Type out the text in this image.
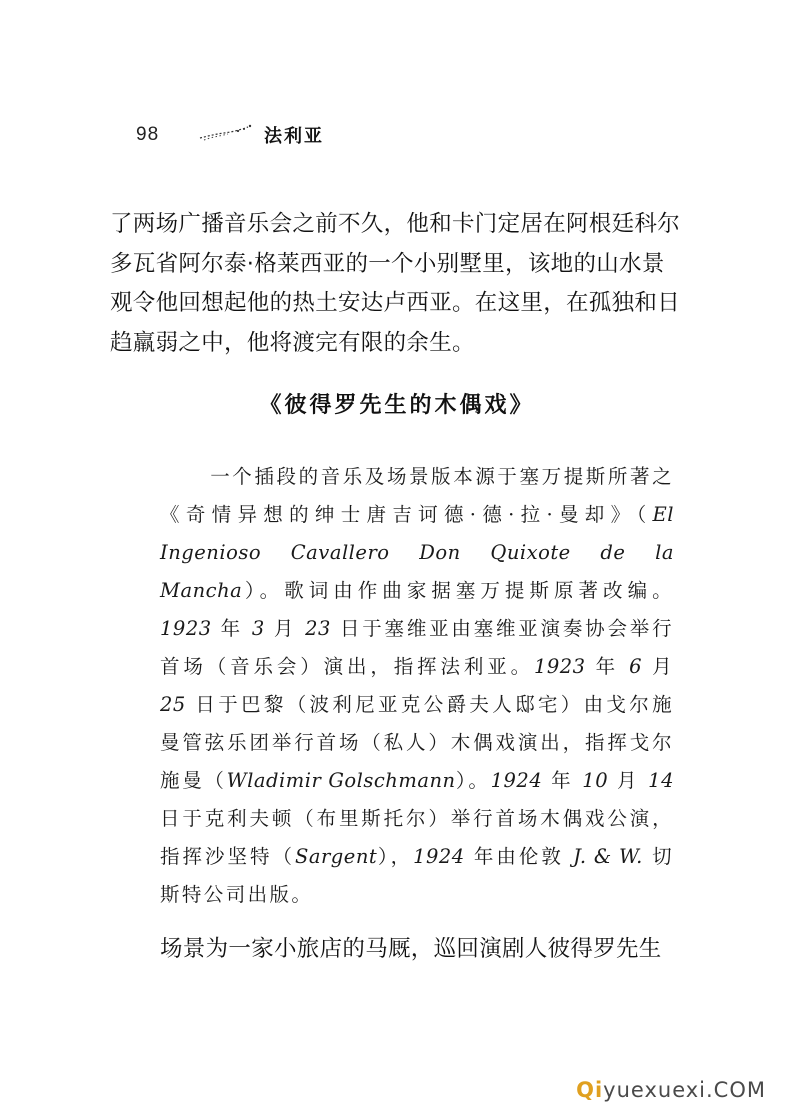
98	法利亚

了两场广播音乐会之前不久，他和卡门定居在阿根廷科尔多瓦省阿尔泰·格莱西亚的一个小别墅里，该地的山水景观令他回想起他的热土安达卢西亚。在这里，在孤独和日趋羸弱之中，他将渡完有限的余生。

《彼得罗先生的木偶戏》

一个插段的音乐及场景版本源于塞万提斯所著之《奇情异想的绅士唐吉诃德·德·拉·曼却》（El Ingenioso Cavallero Don Quixote de la Mancha）。歌词由作曲家据塞万提斯原著改编。1923 年 3 月 23 日于塞维亚由塞维亚演奏协会举行首场（音乐会）演出，指挥法利亚。1923 年 6 月 25 日于巴黎（波利尼亚克公爵夫人邸宅）由戈尔施曼管弦乐团举行首场（私人）木偶戏演出，指挥戈尔施曼（Wladimir Golschmann）。1924 年 10 月 14 日于克利夫顿（布里斯托尔）举行首场木偶戏公演，指挥沙坚特（Sargent），1924 年由伦敦 J. & W. 切斯特公司出版。

场景为一家小旅店的马厩，巡回演剧人彼得罗先生

Qiyuexuexi.COM
